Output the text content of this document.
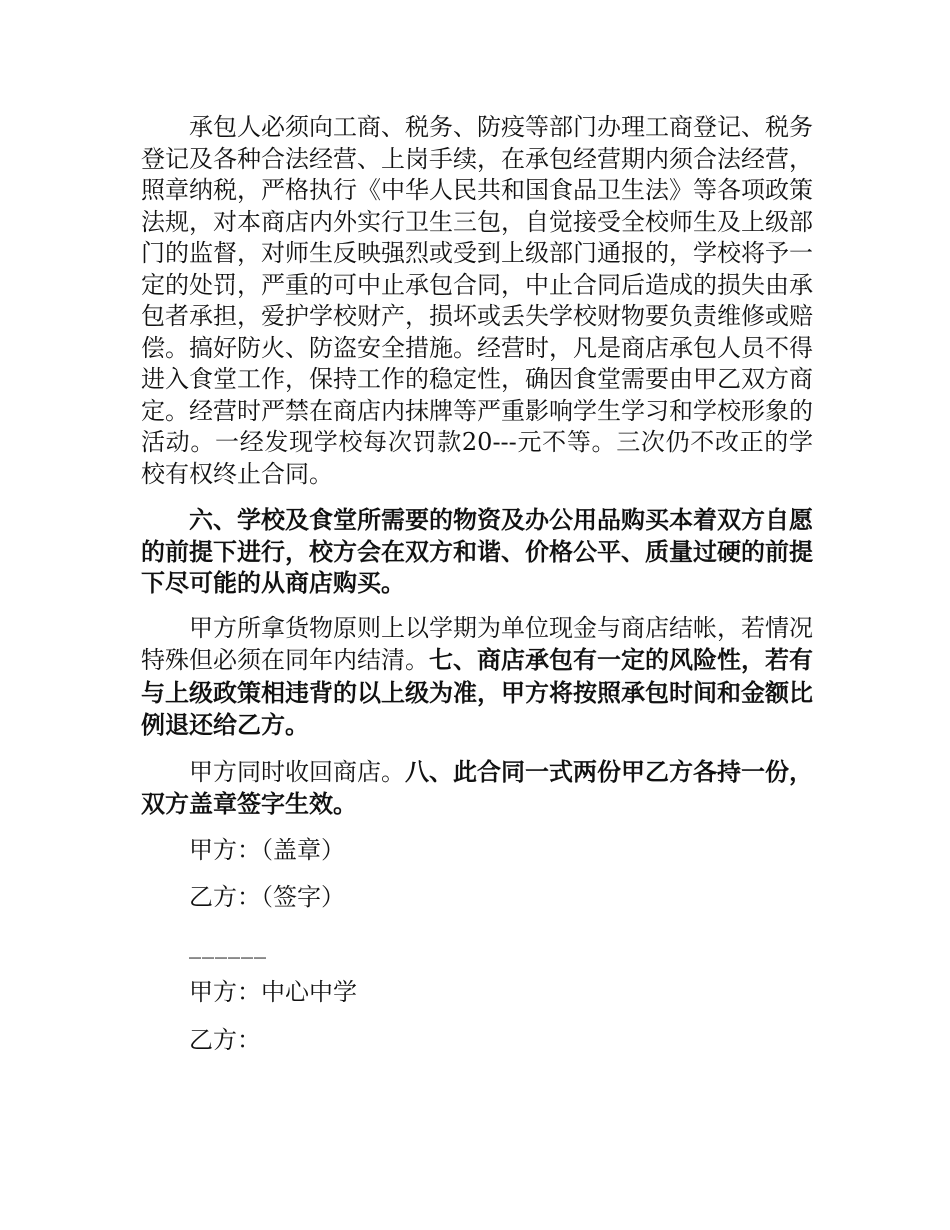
承包人必须向工商、税务、防疫等部门办理工商登记、税务登记及各种合法经营、上岗手续，在承包经营期内须合法经营，照章纳税，严格执行《中华人民共和国食品卫生法》等各项政策法规，对本商店内外实行卫生三包，自觉接受全校师生及上级部门的监督，对师生反映强烈或受到上级部门通报的，学校将予一定的处罚，严重的可中止承包合同，中止合同后造成的损失由承包者承担，爱护学校财产，损坏或丢失学校财物要负责维修或赔偿。搞好防火、防盗安全措施。经营时，凡是商店承包人员不得进入食堂工作，保持工作的稳定性，确因食堂需要由甲乙双方商定。经营时严禁在商店内抹牌等严重影响学生学习和学校形象的活动。一经发现学校每次罚款20---元不等。三次仍不改正的学校有权终止合同。

六、学校及食堂所需要的物资及办公用品购买本着双方自愿的前提下进行，校方会在双方和谐、价格公平、质量过硬的前提下尽可能的从商店购买。

甲方所拿货物原则上以学期为单位现金与商店结帐，若情况特殊但必须在同年内结清。七、商店承包有一定的风险性，若有与上级政策相违背的以上级为准，甲方将按照承包时间和金额比例退还给乙方。

甲方同时收回商店。八、此合同一式两份甲乙方各持一份，双方盖章签字生效。

甲方：（盖章）

乙方：（签字）

______

甲方：中心中学

乙方：
